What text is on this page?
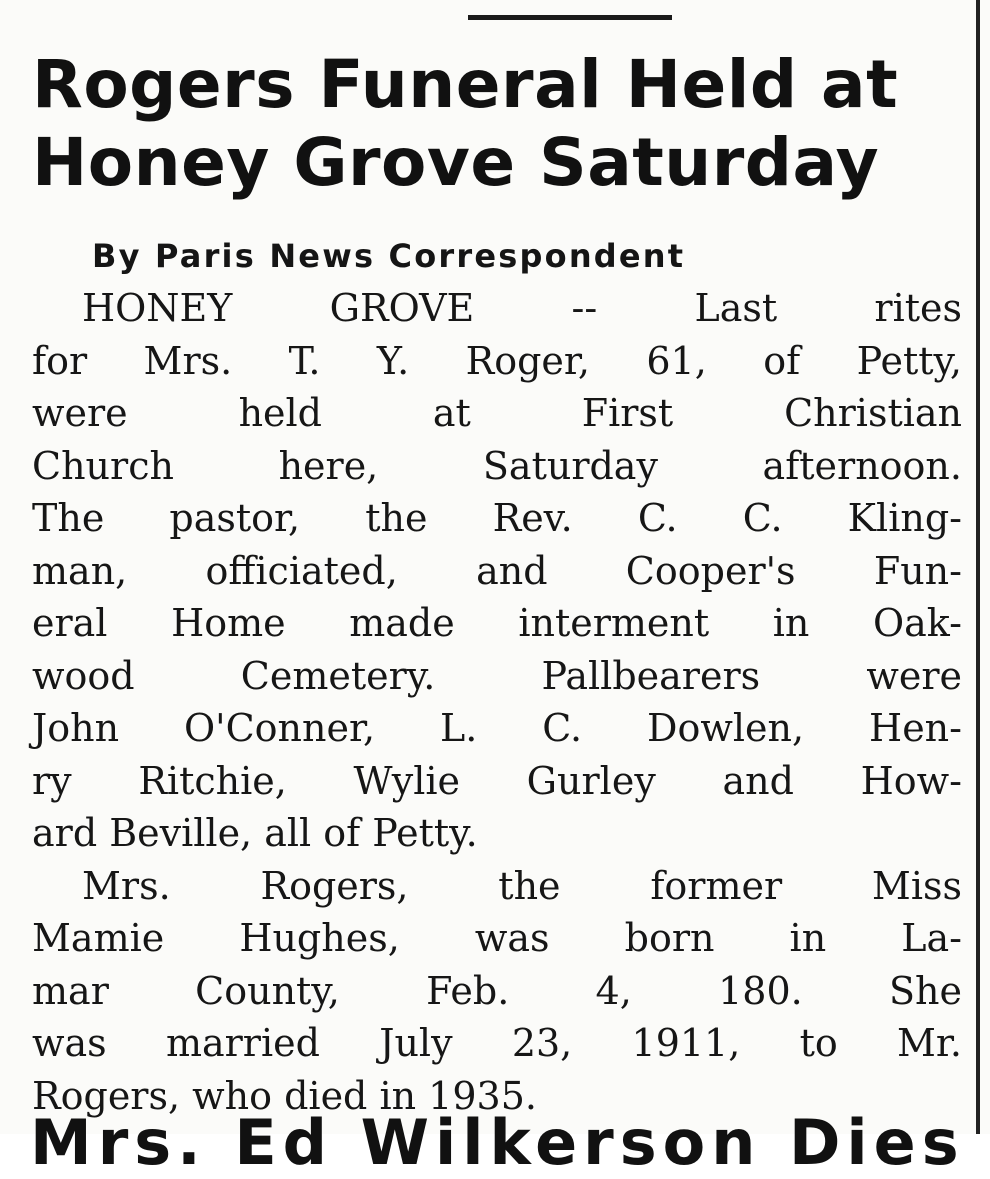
Rogers Funeral Held at
Honey Grove Saturday
By Paris News Correspondent
HONEY GROVE -- Last rites
for Mrs. T. Y. Roger, 61, of Petty,
were held at First Christian
Church here, Saturday afternoon.
The pastor, the Rev. C. C. Kling-
man, officiated, and Cooper's Fun-
eral Home made interment in Oak-
wood Cemetery. Pallbearers were
John O'Conner, L. C. Dowlen, Hen-
ry Ritchie, Wylie Gurley and How-
ard Beville, all of Petty.
Mrs. Rogers, the former Miss
Mamie Hughes, was born in La-
mar County, Feb. 4, 180. She
was married July 23, 1911, to Mr.
Rogers, who died in 1935.
Mrs. Ed Wilkerson Dies
